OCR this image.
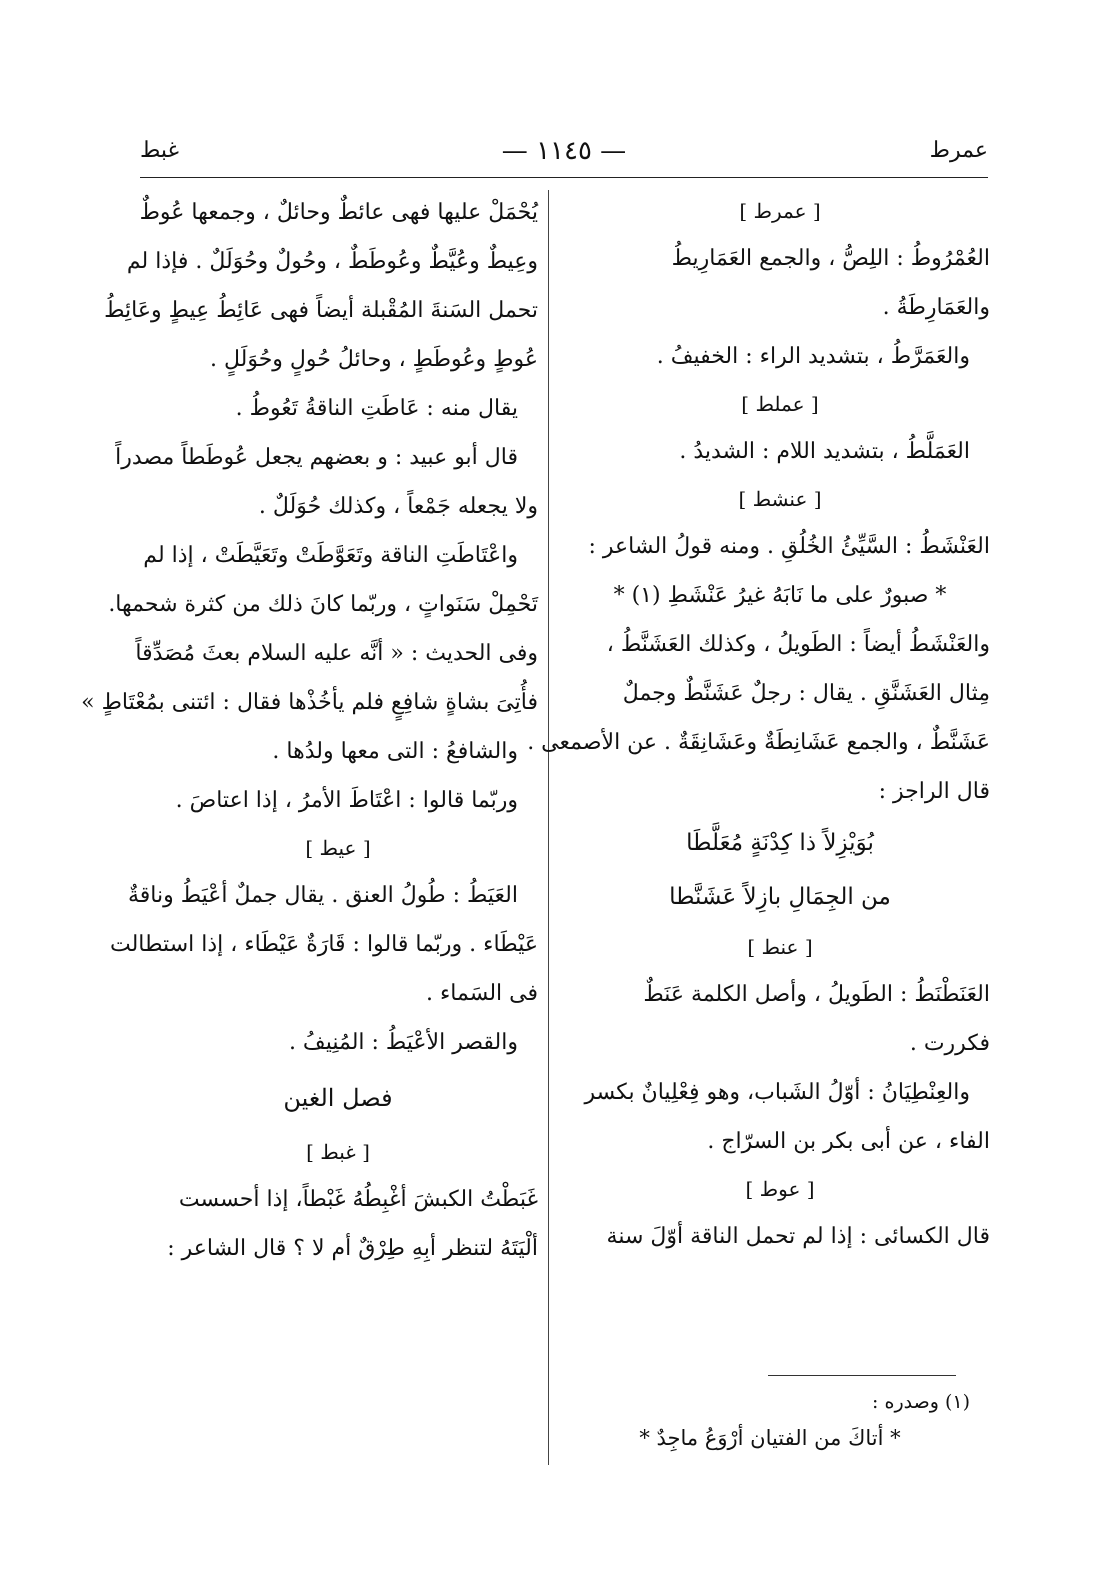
عمرط
— ١١٤٥ —
غبط
[ عمرط ]
العُمْرُوطُ : اللِصُّ ، والجمع العَمَارِيطُ
والعَمَارِطَةُ .
والعَمَرَّطُ ، بتشديد الراء : الخفيفُ .
[ عملط ]
العَمَلَّطُ ، بتشديد اللام : الشديدُ .
[ عنشط ]
العَنْشَطُ : السَّيِّئُ الخُلُقِ . ومنه قولُ الشاعر :
* صبورٌ على ما نَابَهُ غيرُ عَنْشَطِ (١) *
والعَنْشَطُ أيضاً : الطَويلُ ، وكذلك العَشَنَّطُ ،
مِثال العَشَنَّقِ . يقال : رجلٌ عَشَنَّطٌ وجملٌ
عَشَنَّطٌ ، والجمع عَشَانِطَةٌ وعَشَانِقَةٌ . عن الأصمعى .
قال الراجز :
بُوَيْزِلاً ذا كِدْنَةٍ مُعَلَّطَا
من الجِمَالِ بازِلاً عَشَنَّطا
[ عنط ]
العَنَطْنَطُ : الطَويلُ ، وأصل الكلمة عَنَطٌ
فكررت .
والعِنْطِيَانُ : أوّلُ الشَباب، وهو فِعْلِيانٌ بكسر
الفاء ، عن أبى بكر بن السرّاج .
[ عوط ]
قال الكسائى : إذا لم تحمل الناقة أوّلَ سنة
يُحْمَلْ عليها فهى عائطٌ وحائلٌ ، وجمعها عُوطٌ
وعِيطٌ وعُيَّطٌ وعُوطَطٌ ، وحُولٌ وحُوَلَلٌ . فإذا لم
تحمل السَنةَ المُقْبلة أيضاً فهى عَائِطُ عِيطٍ وعَائِطُ
عُوطٍ وعُوطَطٍ ، وحائلُ حُولٍ وحُوَلَلٍ .
يقال منه : عَاطَتِ الناقةُ تَعُوطُ .
قال أبو عبيد : و بعضهم يجعل عُوطَطاً مصدراً
ولا يجعله جَمْعاً ، وكذلك حُوَلَلٌ .
واعْتَاطَتِ الناقة وتَعَوَّطَتْ وتَعَيَّطَتْ ، إذا لم
تَحْمِلْ سَنَواتٍ ، وربّما كانَ ذلك من كثرة شحمها.
وفى الحديث : « أنَّه عليه السلام بعثَ مُصَدِّقاً
فأُتِىَ بشاةٍ شافِعٍ فلم يأخُذْها فقال : ائتنى بمُعْتَاطٍ »
والشافعُ : التى معها ولدُها .
وربّما قالوا : اعْتَاطَ الأمرُ ، إذا اعتاصَ .
[ عيط ]
العَيَطُ : طُولُ العنق . يقال جملٌ أعْيَطُ وناقةٌ
عَيْطَاء . وربّما قالوا : قَارَةٌ عَيْطَاء ، إذا استطالت
فى السَماء .
والقصر الأعْيَطُ : المُنِيفُ .
فصل الغين
[ غبط ]
غَبَطْتُ الكبشَ أغْبِطُهُ غَبْطاً، إذا أحسست
ألْيَتَهُ لتنظر أبِهِ طِرْقٌ أم لا ؟ قال الشاعر :
(١) وصدره :
* أتاكَ من الفتيان أرْوَعُ ماجِدٌ *
